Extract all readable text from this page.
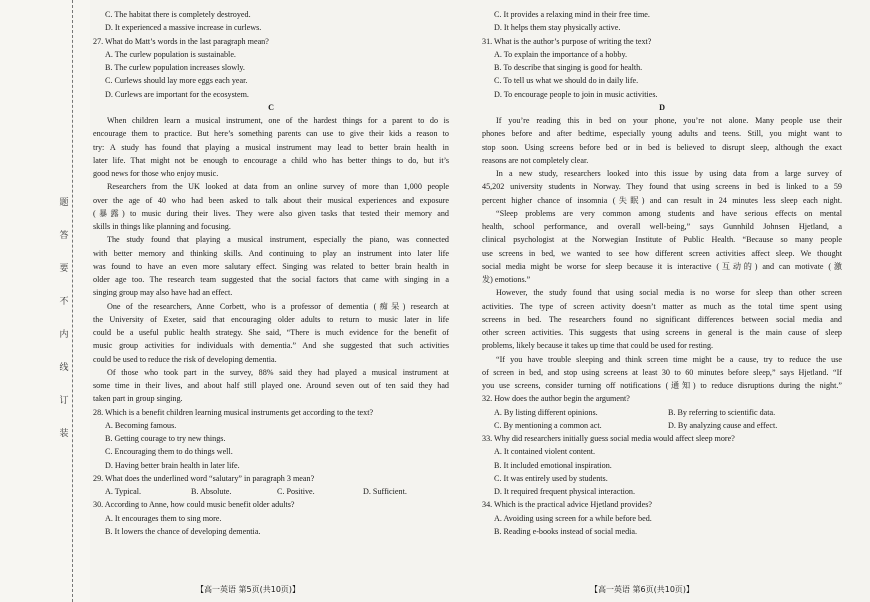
题
答
要
不
内
线
订
装

C. The habitat there is completely destroyed.

D. It experienced a massive increase in curlews.

27. What do Matt’s words in the last paragraph mean?

A. The curlew population is sustainable.

B. The curlew population increases slowly.

C. Curlews should lay more eggs each year.

D. Curlews are important for the ecosystem.

C

When children learn a musical instrument, one of the hardest things for a parent to do is

encourage them to practice. But here’s something parents can use to give their kids a reason to

try: A study has found that playing a musical instrument may lead to better brain health in

later life. That might not be enough to encourage a child who has better things to do, but it’s

good news for those who enjoy music.

Researchers from the UK looked at data from an online survey of more than 1,000 people

over the age of 40 who had been asked to talk about their musical experiences and exposure

(暴露) to music during their lives. They were also given tasks that tested their memory and

skills in things like planning and focusing.

The study found that playing a musical instrument, especially the piano, was connected

with better memory and thinking skills. And continuing to play an instrument into later life

was found to have an even more salutary effect. Singing was related to better brain health in

older age too. The research team suggested that the social factors that came with singing in a

singing group may also have had an effect.

One of the researchers, Anne Corbett, who is a professor of dementia (痴呆) research at

the University of Exeter, said that encouraging older adults to return to music later in life

could be a useful public health strategy. She said, “There is much evidence for the benefit of

music group activities for individuals with dementia.” And she suggested that such activities

could be used to reduce the risk of developing dementia.

Of those who took part in the survey, 88% said they had played a musical instrument at

some time in their lives, and about half still played one. Around seven out of ten said they had

taken part in group singing.

28. Which is a benefit children learning musical instruments get according to the text?

A. Becoming famous.

B. Getting courage to try new things.

C. Encouraging them to do things well.

D. Having better brain health in later life.

29. What does the underlined word “salutary” in paragraph 3 mean?

A. Typical.	B. Absolute.	C. Positive.	D. Sufficient.

30. According to Anne, how could music benefit older adults?

A. It encourages them to sing more.

B. It lowers the chance of developing dementia.

C. It provides a relaxing mind in their free time.

D. It helps them stay physically active.

31. What is the author’s purpose of writing the text?

A. To explain the importance of a hobby.

B. To describe that singing is good for health.

C. To tell us what we should do in daily life.

D. To encourage people to join in music activities.

D

If you’re reading this in bed on your phone, you’re not alone. Many people use their

phones before and after bedtime, especially young adults and teens. Still, you might want to

stop soon. Using screens before bed or in bed is believed to disrupt sleep, although the exact

reasons are not completely clear.

In a new study, researchers looked into this issue by using data from a large survey of

45,202 university students in Norway. They found that using screens in bed is linked to a 59

percent higher chance of insomnia (失眠) and can result in 24 minutes less sleep each night.

“Sleep problems are very common among students and have serious effects on mental

health, school performance, and overall well-being,” says Gunnhild Johnsen Hjetland, a

clinical psychologist at the Norwegian Institute of Public Health. “Because so many people

use screens in bed, we wanted to see how different screen activities affect sleep. We thought

social media might be worse for sleep because it is interactive (互动的) and can motivate (激

发) emotions.”

However, the study found that using social media is no worse for sleep than other screen

activities. The type of screen activity doesn’t matter as much as the total time spent using

screens in bed. The researchers found no significant differences between social media and

other screen activities. This suggests that using screens in general is the main cause of sleep

problems, likely because it takes up time that could be used for resting.

“If you have trouble sleeping and think screen time might be a cause, try to reduce the use

of screen in bed, and stop using screens at least 30 to 60 minutes before sleep,” says Hjetland. “If

you use screens, consider turning off notifications (通知) to reduce disruptions during the night.”

32. How does the author begin the argument?

A. By listing different opinions.	B. By referring to scientific data.

C. By mentioning a common act.	D. By analyzing cause and effect.

33. Why did researchers initially guess social media would affect sleep more?

A. It contained violent content.

B. It included emotional inspiration.

C. It was entirely used by students.

D. It required frequent physical interaction.

34. Which is the practical advice Hjetland provides?

A. Avoiding using screen for a while before bed.

B. Reading e-books instead of social media.

【高一英语 第5页(共10页)】	【高一英语 第6页(共10页)】
